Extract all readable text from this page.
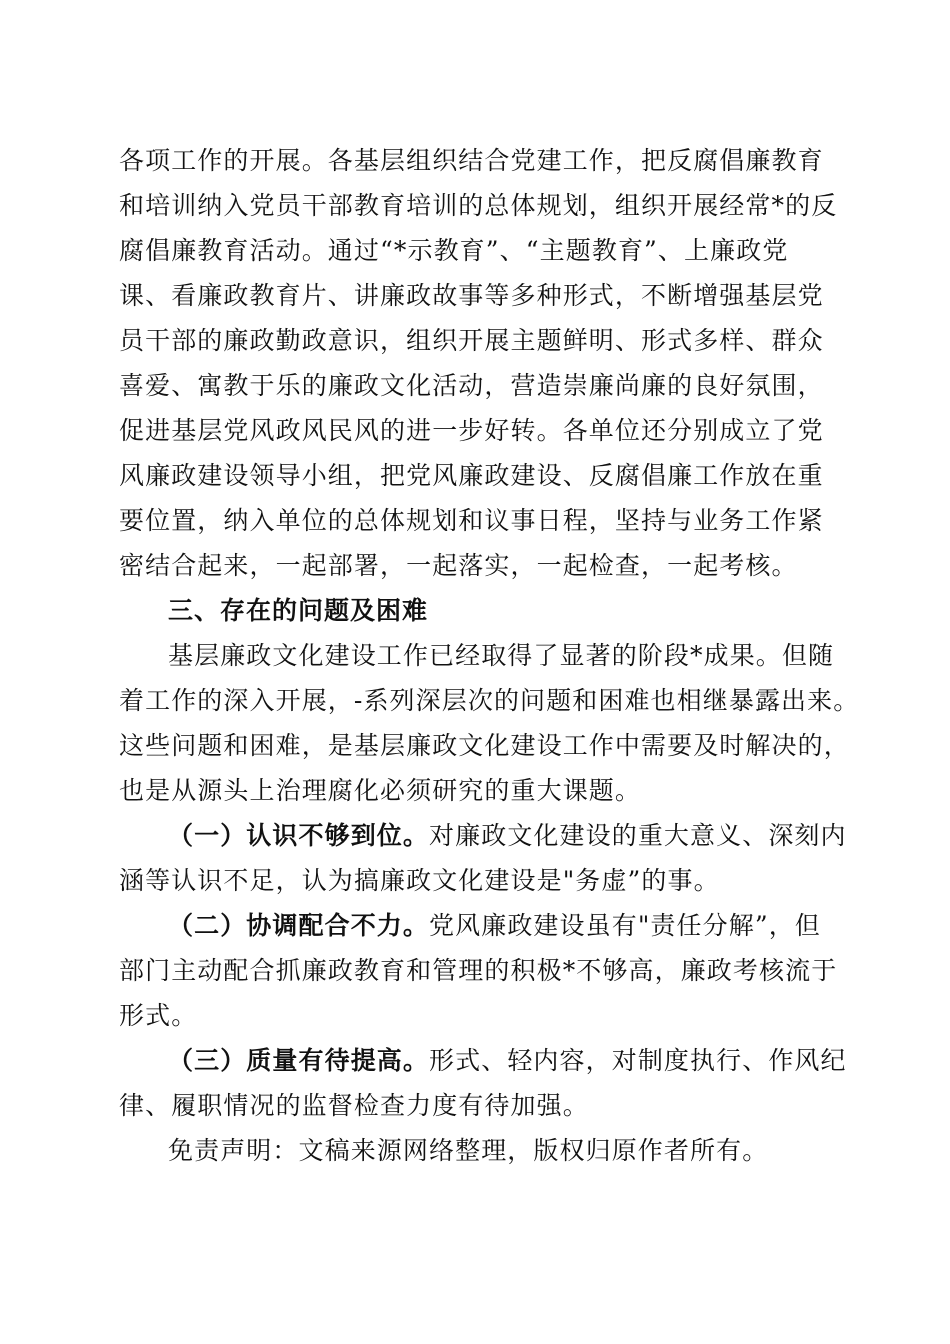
各项工作的开展。各基层组织结合党建工作，把反腐倡廉教育
和培训纳入党员干部教育培训的总体规划，组织开展经常*的反
腐倡廉教育活动。通过“*示教育”、“主题教育”、上廉政党
课、看廉政教育片、讲廉政故事等多种形式，不断增强基层党
员干部的廉政勤政意识，组织开展主题鲜明、形式多样、群众
喜爱、寓教于乐的廉政文化活动，营造崇廉尚廉的良好氛围，
促进基层党风政风民风的进一步好转。各单位还分别成立了党
风廉政建设领导小组，把党风廉政建设、反腐倡廉工作放在重
要位置，纳入单位的总体规划和议事日程，坚持与业务工作紧
密结合起来，一起部署，一起落实，一起检查，一起考核。
三、存在的问题及困难
基层廉政文化建设工作已经取得了显著的阶段*成果。但随
着工作的深入开展，-系列深层次的问题和困难也相继暴露出来。
这些问题和困难，是基层廉政文化建设工作中需要及时解决的，
也是从源头上治理腐化必须研究的重大课题。
（一）认识不够到位。对廉政文化建设的重大意义、深刻内
涵等认识不足，认为搞廉政文化建设是"务虚”的事。
（二）协调配合不力。党风廉政建设虽有"责任分解”，但
部门主动配合抓廉政教育和管理的积极*不够高，廉政考核流于
形式。
（三）质量有待提高。形式、轻内容，对制度执行、作风纪
律、履职情况的监督检查力度有待加强。
免责声明：文稿来源网络整理，版权归原作者所有。
